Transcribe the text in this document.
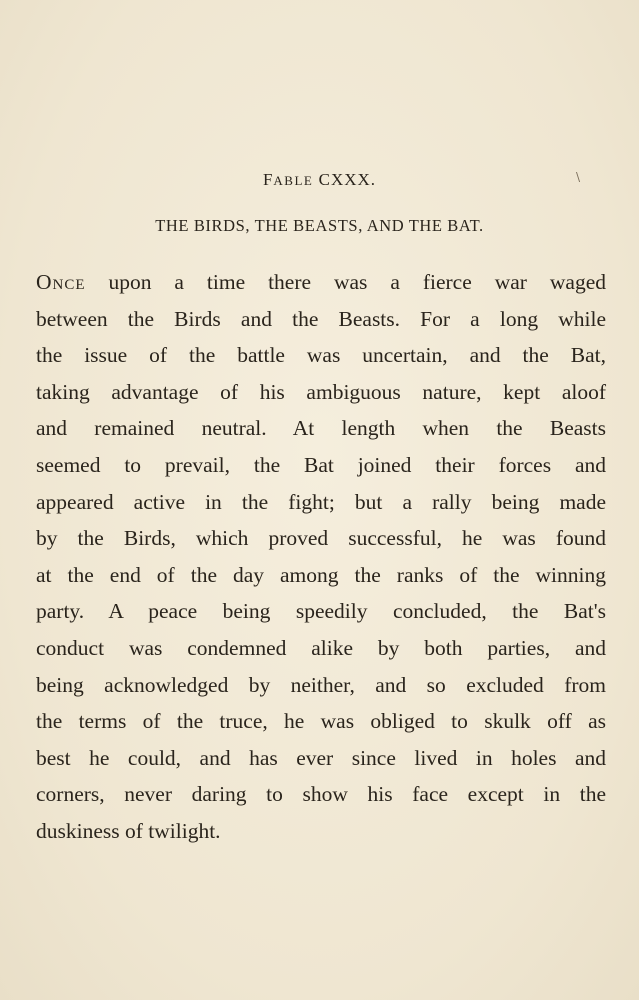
FABLE CXXX.	\
THE BIRDS, THE BEASTS, AND THE BAT.
Once upon a time there was a fierce war waged
between the Birds and the Beasts. For a long while
the issue of the battle was uncertain, and the Bat,
taking advantage of his ambiguous nature, kept aloof
and remained neutral. At length when the Beasts
seemed to prevail, the Bat joined their forces and
appeared active in the fight; but a rally being made
by the Birds, which proved successful, he was found
at the end of the day among the ranks of the winning
party. A peace being speedily concluded, the Bat's
conduct was condemned alike by both parties, and
being acknowledged by neither, and so excluded from
the terms of the truce, he was obliged to skulk off as
best he could, and has ever since lived in holes and
corners, never daring to show his face except in the
duskiness of twilight.
